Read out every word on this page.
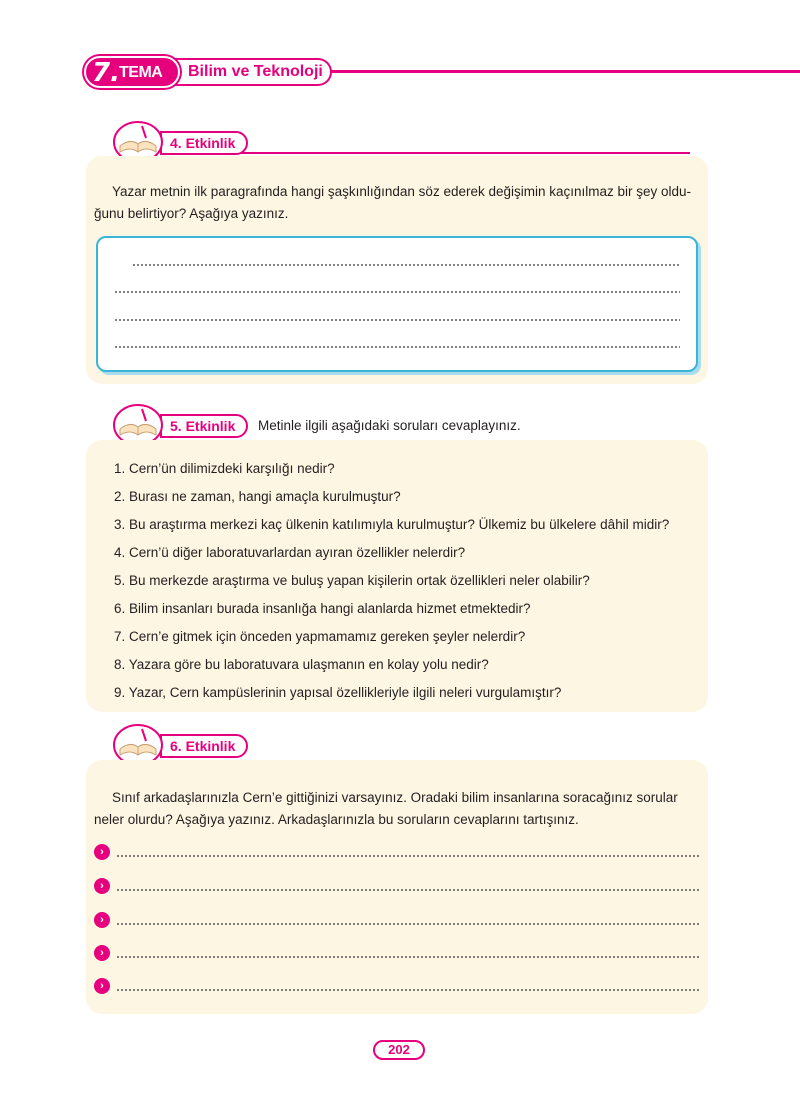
7. TEMA Bilim ve Teknoloji
4. Etkinlik
Yazar metnin ilk paragrafında hangi şaşkınlığından söz ederek değişimin kaçınılmaz bir şey oldu-
ğunu belirtiyor? Aşağıya yazınız.
5. Etkinlik Metinle ilgili aşağıdaki soruları cevaplayınız.
1. Cern’ün dilimizdeki karşılığı nedir?
2. Burası ne zaman, hangi amaçla kurulmuştur?
3. Bu araştırma merkezi kaç ülkenin katılımıyla kurulmuştur? Ülkemiz bu ülkelere dâhil midir?
4. Cern’ü diğer laboratuvarlardan ayıran özellikler nelerdir?
5. Bu merkezde araştırma ve buluş yapan kişilerin ortak özellikleri neler olabilir?
6. Bilim insanları burada insanlığa hangi alanlarda hizmet etmektedir?
7. Cern’e gitmek için önceden yapmamamız gereken şeyler nelerdir?
8. Yazara göre bu laboratuvara ulaşmanın en kolay yolu nedir?
9. Yazar, Cern kampüslerinin yapısal özellikleriyle ilgili neleri vurgulamıştır?
6. Etkinlik
Sınıf arkadaşlarınızla Cern’e gittiğinizi varsayınız. Oradaki bilim insanlarına soracağınız sorular
neler olurdu? Aşağıya yazınız. Arkadaşlarınızla bu soruların cevaplarını tartışınız.
›
›
›
›
›
202
